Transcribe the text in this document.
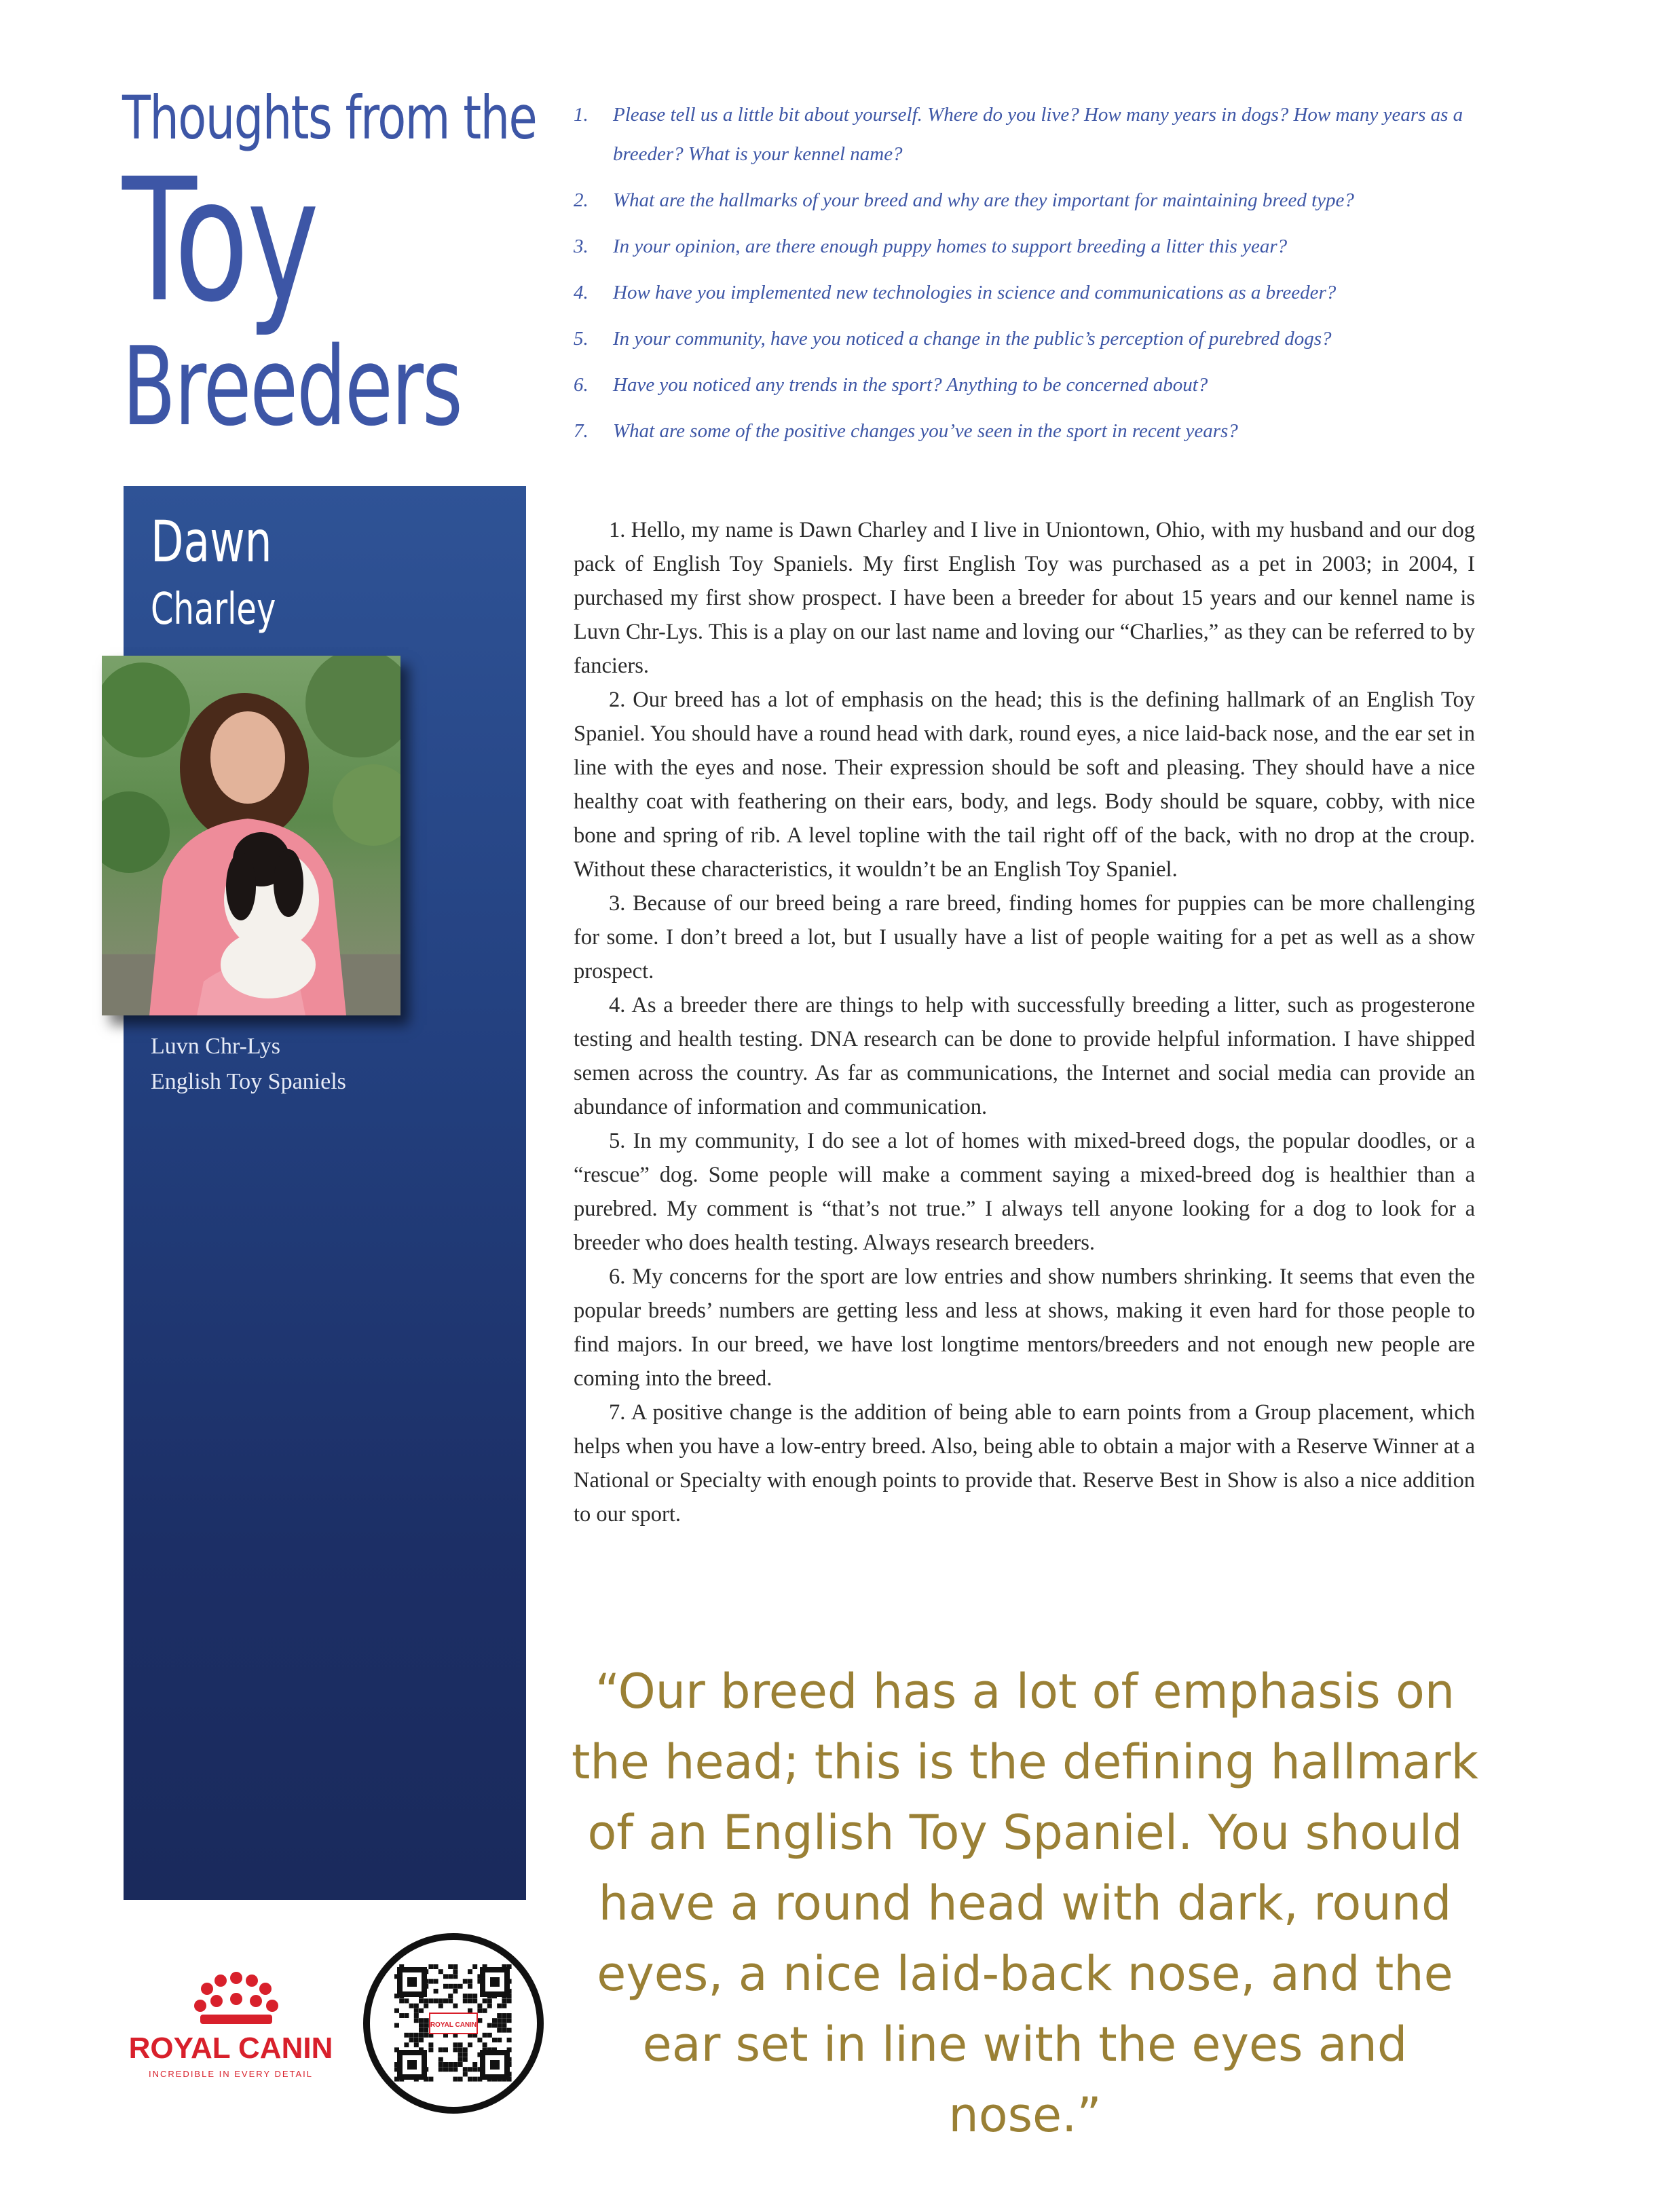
Thoughts from the
Toy
Breeders
1. Please tell us a little bit about yourself. Where do you live? How many years in dogs? How many years as a breeder? What is your kennel name?
2. What are the hallmarks of your breed and why are they important for maintaining breed type?
3. In your opinion, are there enough puppy homes to support breeding a litter this year?
4. How have you implemented new technologies in science and communications as a breeder?
5. In your community, have you noticed a change in the public’s perception of purebred dogs?
6. Have you noticed any trends in the sport? Anything to be concerned about?
7. What are some of the positive changes you’ve seen in the sport in recent years?
Dawn
Charley
Luvn Chr-Lys
English Toy Spaniels

1. Hello, my name is Dawn Charley and I live in Uniontown, Ohio, with my husband and our dog pack of English Toy Spaniels. My first English Toy was purchased as a pet in 2003; in 2004, I purchased my first show prospect. I have been a breeder for about 15 years and our kennel name is Luvn Chr-Lys. This is a play on our last name and loving our “Charlies,” as they can be referred to by fanciers.

2. Our breed has a lot of emphasis on the head; this is the defining hallmark of an English Toy Spaniel. You should have a round head with dark, round eyes, a nice laid-back nose, and the ear set in line with the eyes and nose. Their expression should be soft and pleasing. They should have a nice healthy coat with feathering on their ears, body, and legs. Body should be square, cobby, with nice bone and spring of rib. A level topline with the tail right off of the back, with no drop at the croup. Without these characteristics, it wouldn’t be an English Toy Spaniel.

3. Because of our breed being a rare breed, finding homes for puppies can be more challenging for some. I don’t breed a lot, but I usually have a list of people waiting for a pet as well as a show prospect.

4. As a breeder there are things to help with successfully breeding a litter, such as progesterone testing and health testing. DNA research can be done to provide helpful information. I have shipped semen across the country. As far as communications, the Internet and social media can provide an abundance of information and communication.

5. In my community, I do see a lot of homes with mixed-breed dogs, the popular doodles, or a “rescue” dog. Some people will make a comment saying a mixed-breed dog is healthier than a purebred. My comment is “that’s not true.” I always tell anyone looking for a dog to look for a breeder who does health testing. Always research breeders.

6. My concerns for the sport are low entries and show numbers shrinking. It seems that even the popular breeds’ numbers are getting less and less at shows, making it even hard for those people to find majors. In our breed, we have lost longtime mentors/breeders and not enough new people are coming into the breed.

7. A positive change is the addition of being able to earn points from a Group placement, which helps when you have a low-entry breed. Also, being able to obtain a major with a Reserve Winner at a National or Specialty with enough points to provide that. Reserve Best in Show is also a nice addition to our sport.

“Our breed has a lot of emphasis on the head; this is the defining hallmark of an English Toy Spaniel. You should have a round head with dark, round eyes, a nice laid-back nose, and the ear set in line with the eyes and nose.”
ROYAL CANIN
INCREDIBLE IN EVERY DETAIL
ROYAL CANIN
